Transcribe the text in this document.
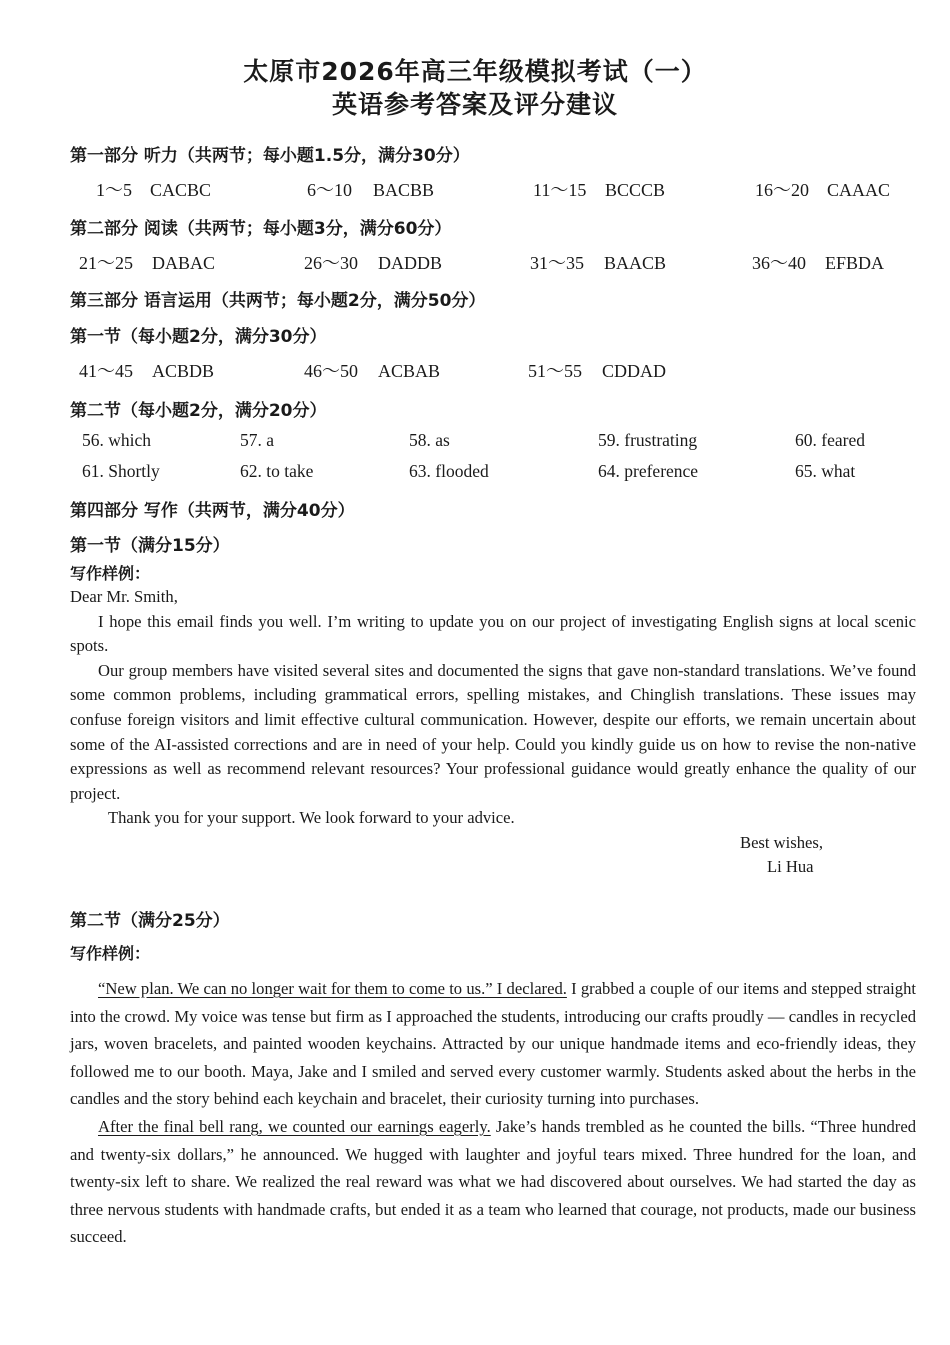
太原市2026年高三年级模拟考试（一）
英语参考答案及评分建议
第一部分 听力（共两节；每小题1.5分，满分30分）
1～5 CACBC	6～10 BACBB	11～15 BCCCB	16～20 CAAAC
第二部分 阅读（共两节；每小题3分，满分60分）
21～25 DABAC	26～30 DADDB	31～35 BAACB	36～40 EFBDA
第三部分 语言运用（共两节；每小题2分，满分50分）
第一节（每小题2分，满分30分）
41～45 ACBDB	46～50 ACBAB	51～55 CDDAD
第二节（每小题2分，满分20分）
56. which	57. a	58. as	59. frustrating	60. feared
61. Shortly	62. to take	63. flooded	64. preference	65. what
第四部分 写作（共两节，满分40分）
第一节（满分15分）
写作样例：

Dear Mr. Smith,

I hope this email finds you well. I’m writing to update you on our project of investigating English signs at local scenic spots.

Our group members have visited several sites and documented the signs that gave non-standard translations. We’ve found some common problems, including grammatical errors, spelling mistakes, and Chinglish translations. These issues may confuse foreign visitors and limit effective cultural communication. However, despite our efforts, we remain uncertain about some of the AI-assisted corrections and are in need of your help. Could you kindly guide us on how to revise the non-native expressions as well as recommend relevant resources? Your professional guidance would greatly enhance the quality of our project.

Thank you for your support. We look forward to your advice.

Best wishes,
Li Hua
第二节（满分25分）
写作样例：

“New plan. We can no longer wait for them to come to us.” I declared. I grabbed a couple of our items and stepped straight into the crowd. My voice was tense but firm as I approached the students, introducing our crafts proudly — candles in recycled jars, woven bracelets, and painted wooden keychains. Attracted by our unique handmade items and eco-friendly ideas, they followed me to our booth. Maya, Jake and I smiled and served every customer warmly. Students asked about the herbs in the candles and the story behind each keychain and bracelet, their curiosity turning into purchases.

After the final bell rang, we counted our earnings eagerly. Jake’s hands trembled as he counted the bills. “Three hundred and twenty-six dollars,” he announced. We hugged with laughter and joyful tears mixed. Three hundred for the loan, and twenty-six left to share. We realized the real reward was what we had discovered about ourselves. We had started the day as three nervous students with handmade crafts, but ended it as a team who learned that courage, not products, made our business succeed.
